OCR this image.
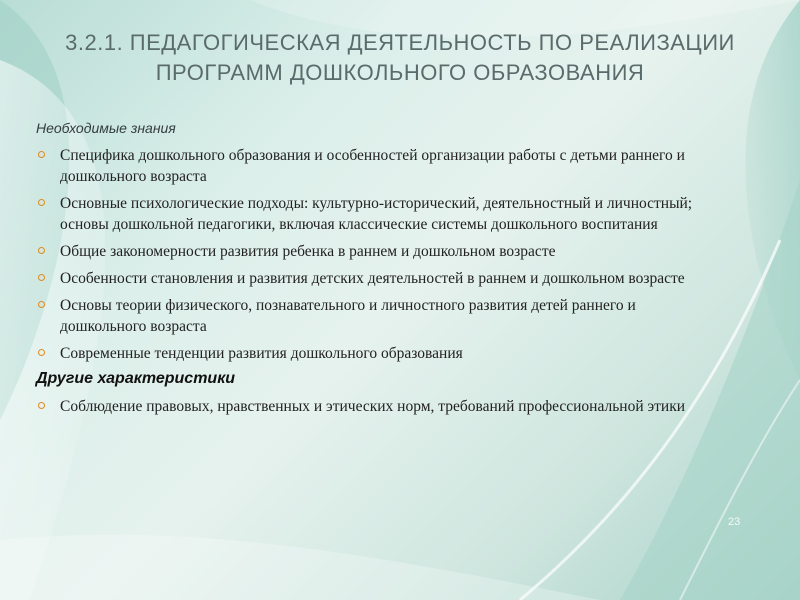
3.2.1. ПЕДАГОГИЧЕСКАЯ ДЕЯТЕЛЬНОСТЬ ПО РЕАЛИЗАЦИИ ПРОГРАММ ДОШКОЛЬНОГО ОБРАЗОВАНИЯ
Необходимые знания
Специфика дошкольного образования и особенностей организации работы с детьми раннего и дошкольного возраста
Основные психологические подходы: культурно-исторический, деятельностный и личностный; основы дошкольной педагогики, включая классические системы дошкольного воспитания
Общие закономерности развития ребенка в раннем и дошкольном возрасте
Особенности становления и развития детских деятельностей в раннем и дошкольном возрасте
Основы теории физического, познавательного и личностного развития детей раннего и дошкольного возраста
Современные тенденции развития дошкольного образования
Другие характеристики
Соблюдение правовых, нравственных и этических норм, требований профессиональной этики
23
